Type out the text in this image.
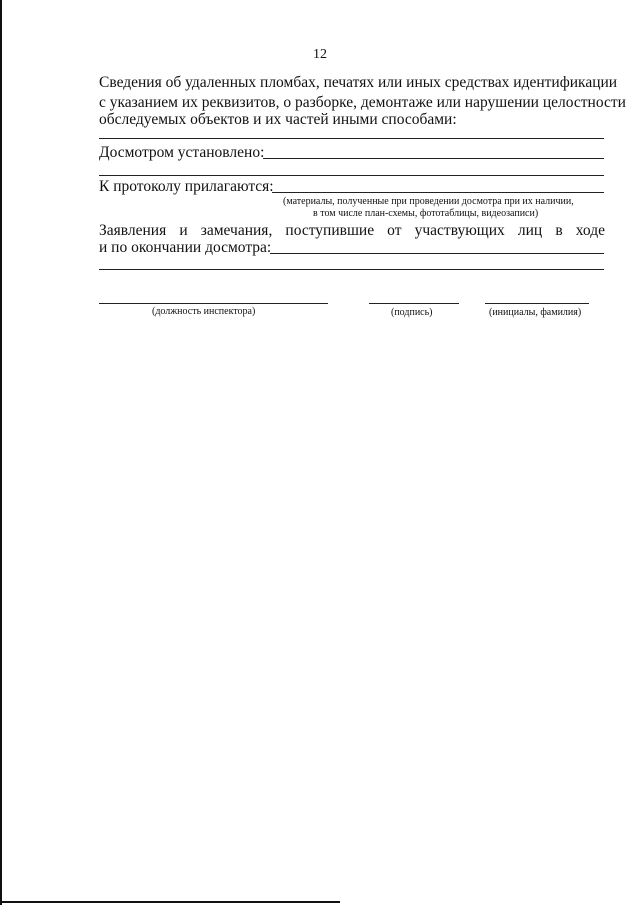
12
Сведения об удаленных пломбах, печатях или иных средствах идентификации
с указанием их реквизитов, о разборке, демонтаже или нарушении целостности
обследуемых объектов и их частей иными способами:
Досмотром установлено:
К протоколу прилагаются:
(материалы, полученные при проведении досмотра при их наличии,
в том числе план-схемы, фототаблицы, видеозаписи)
Заявления и замечания, поступившие от участвующих лиц в ходе
и по окончании досмотра:
(должность инспектора)	(подпись)	(инициалы, фамилия)
